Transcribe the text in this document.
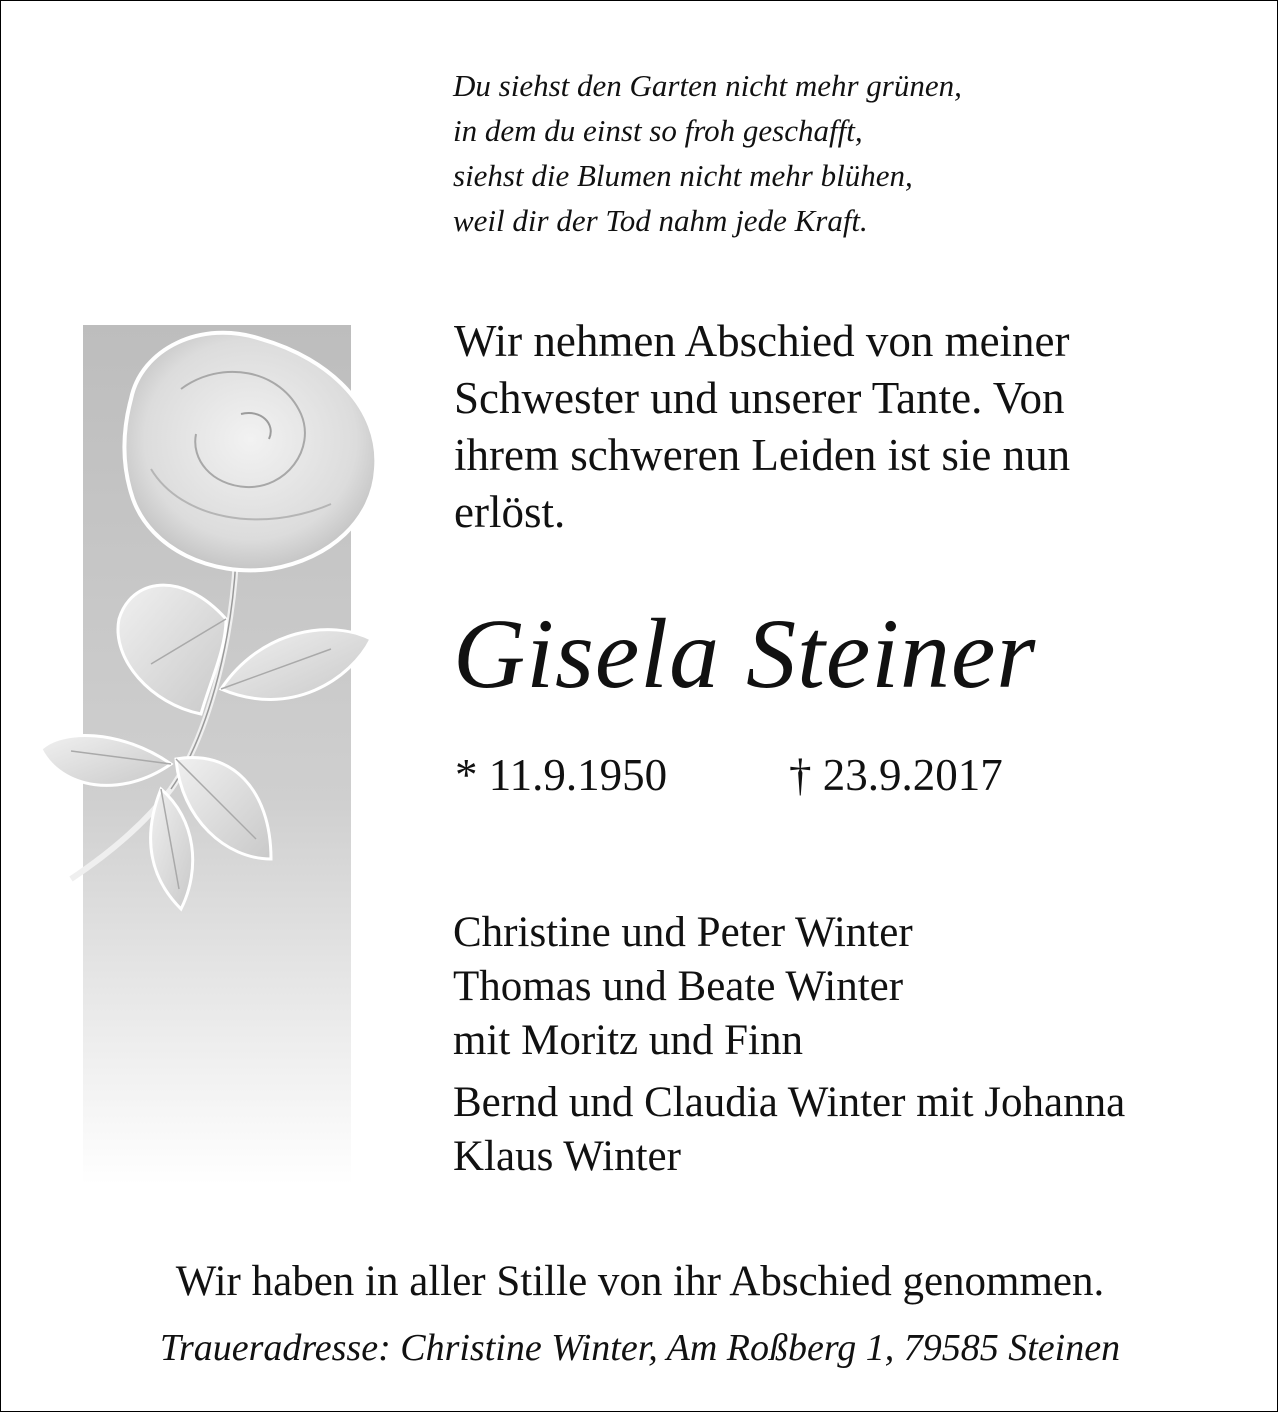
Du siehst den Garten nicht mehr grünen,
in dem du einst so froh geschafft,
siehst die Blumen nicht mehr blühen,
weil dir der Tod nahm jede Kraft.
Wir nehmen Abschied von meiner
Schwester und unserer Tante. Von
ihrem schweren Leiden ist sie nun
erlöst.
Gisela Steiner
* 11.9.1950	† 23.9.2017
Christine und Peter Winter
Thomas und Beate Winter
mit Moritz und Finn
Bernd und Claudia Winter mit Johanna
Klaus Winter
Wir haben in aller Stille von ihr Abschied genommen.
Traueradresse: Christine Winter, Am Roßberg 1, 79585 Steinen
